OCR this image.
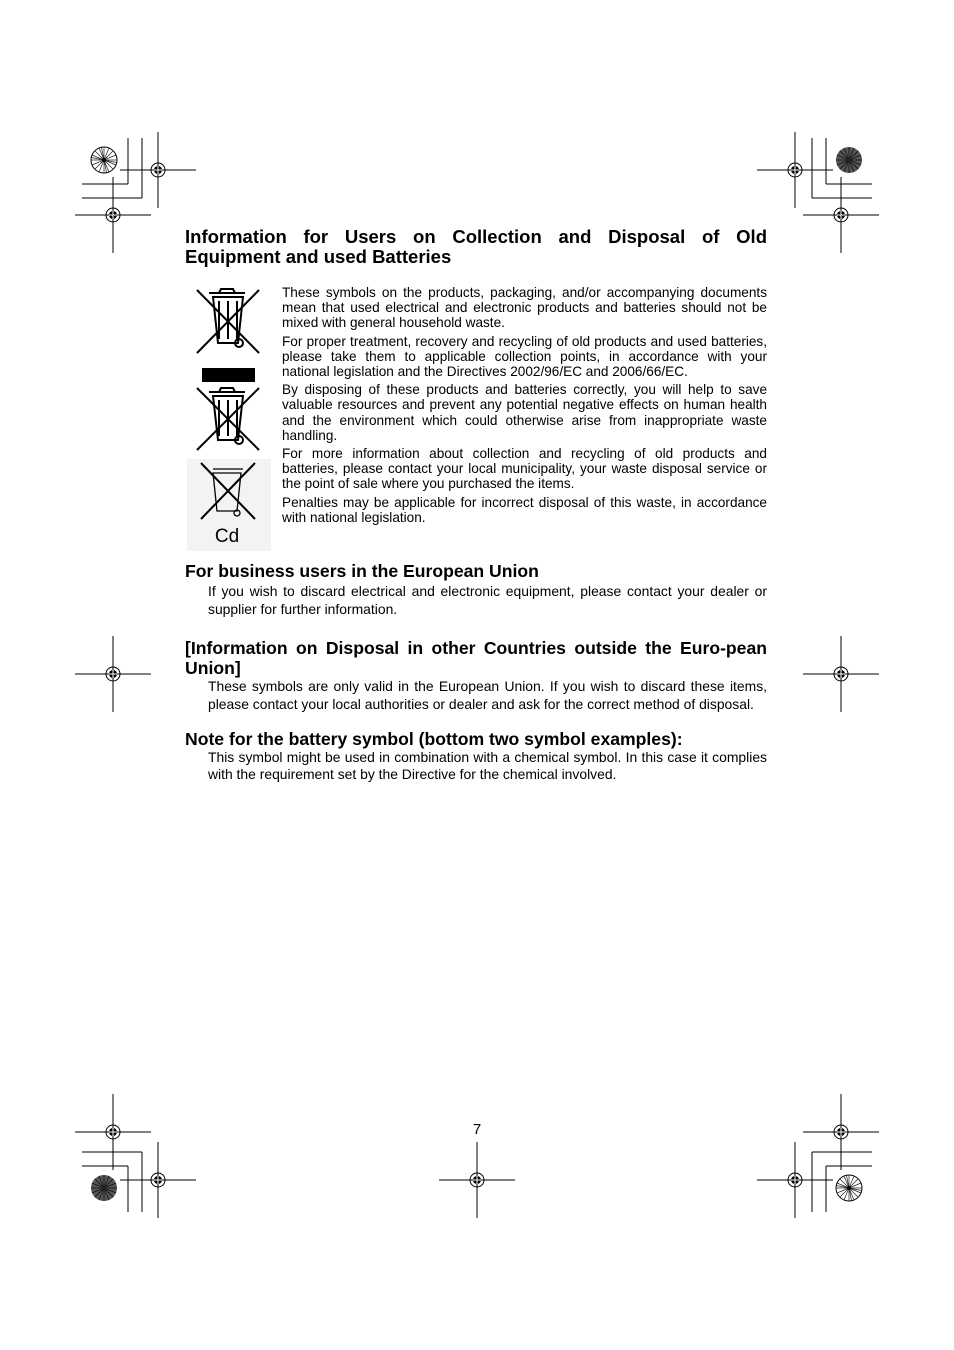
Information for Users on Collection and Disposal of Old Equipment and used Batteries
Cd

These symbols on the products, packaging, and/or accompanying documents mean that used electrical and electronic products and batteries should not be mixed with general household waste.

For proper treatment, recovery and recycling of old products and used batteries, please take them to applicable collection points, in accordance with your national legislation and the Directives 2002/96/EC and 2006/66/EC.

By disposing of these products and batteries correctly, you will help to save valuable resources and prevent any potential negative effects on human health and the environment which could otherwise arise from inappropriate waste handling.

For more information about collection and recycling of old products and batteries, please contact your local municipality, your waste disposal service or the point of sale where you purchased the items.

Penalties may be applicable for incorrect disposal of this waste, in accordance with national legislation.

For business users in the European Union

If you wish to discard electrical and electronic equipment, please contact your dealer or supplier for further information.

[Information on Disposal in other Countries outside the Euro-pean Union]

These symbols are only valid in the European Union. If you wish to discard these items, please contact your local authorities or dealer and ask for the correct method of disposal.

Note for the battery symbol (bottom two symbol examples):

This symbol might be used in combination with a chemical symbol. In this case it complies with the requirement set by the Directive for the chemical involved.

7
